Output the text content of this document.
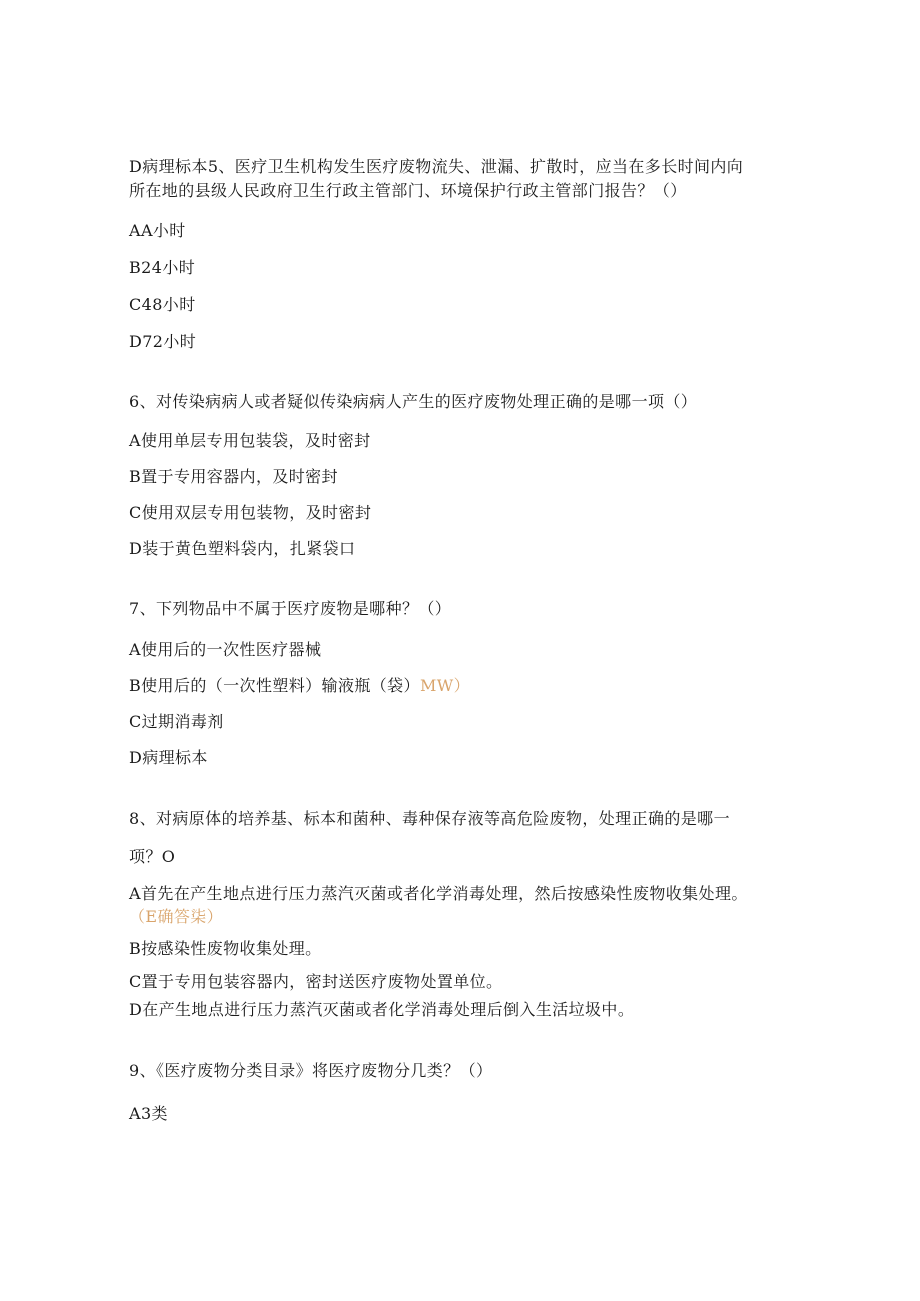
D病理标本5、医疗卫生机构发生医疗废物流失、泄漏、扩散时，应当在多长时间内向
所在地的县级人民政府卫生行政主管部门、环境保护行政主管部门报告？（）
AA小时
B24小时
C48小时
D72小时
6、对传染病病人或者疑似传染病病人产生的医疗废物处理正确的是哪一项（）
A使用单层专用包装袋，及时密封
B置于专用容器内，及时密封
C使用双层专用包装物，及时密封
D装于黄色塑料袋内，扎紧袋口
7、下列物品中不属于医疗废物是哪种？（）
A使用后的一次性医疗器械
B使用后的（一次性塑料）输液瓶（袋）MW）
C过期消毒剂
D病理标本
8、对病原体的培养基、标本和菌种、毒种保存液等高危险废物，处理正确的是哪一
项？O
A首先在产生地点进行压力蒸汽灭菌或者化学消毒处理，然后按感染性废物收集处理。
（E确答柒）
B按感染性废物收集处理。
C置于专用包装容器内，密封送医疗废物处置单位。
D在产生地点进行压力蒸汽灭菌或者化学消毒处理后倒入生活垃圾中。
9、《医疗废物分类目录》将医疗废物分几类？（）
A3类
